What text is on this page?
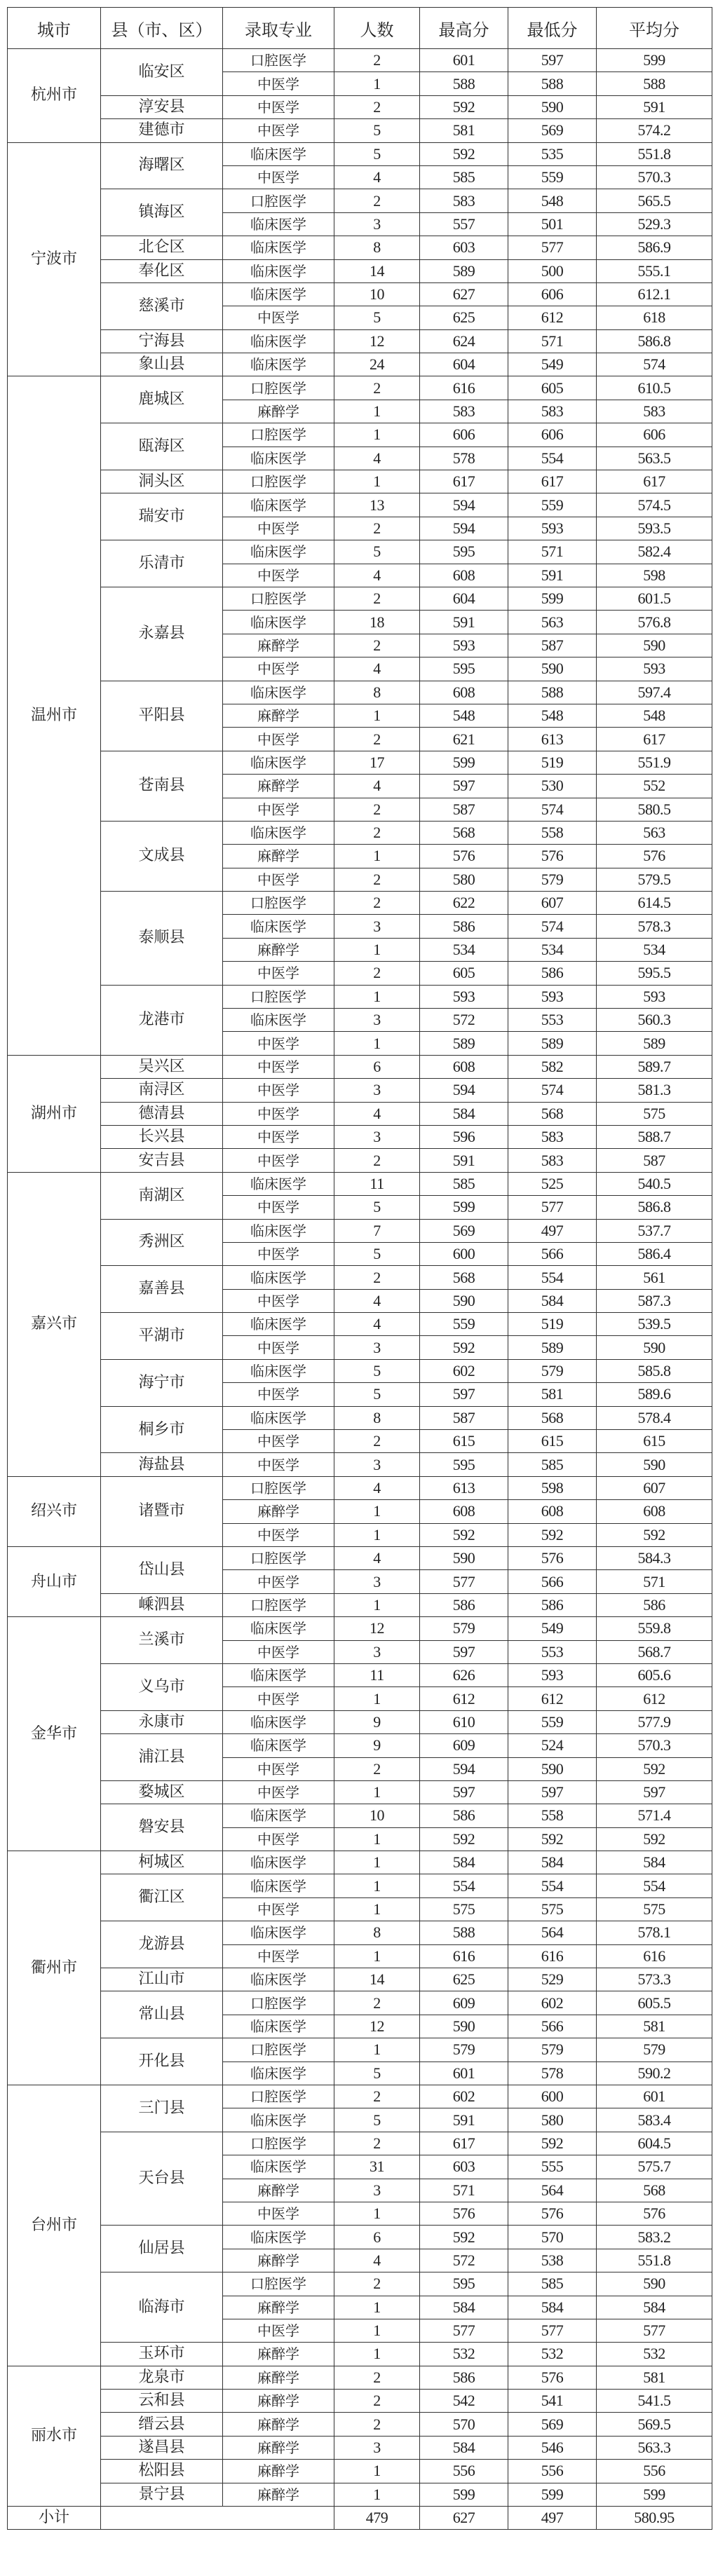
城市	县（市、区）	录取专业	人数	最高分	最低分	平均分
杭州市	临安区	口腔医学	2	601	597	599
		中医学	1	588	588	588
	淳安县	中医学	2	592	590	591
	建德市	中医学	5	581	569	574.2
宁波市	海曙区	临床医学	5	592	535	551.8
		中医学	4	585	559	570.3
	镇海区	口腔医学	2	583	548	565.5
		临床医学	3	557	501	529.3
	北仑区	临床医学	8	603	577	586.9
	奉化区	临床医学	14	589	500	555.1
	慈溪市	临床医学	10	627	606	612.1
		中医学	5	625	612	618
	宁海县	临床医学	12	624	571	586.8
	象山县	临床医学	24	604	549	574
温州市	鹿城区	口腔医学	2	616	605	610.5
		麻醉学	1	583	583	583
	瓯海区	口腔医学	1	606	606	606
		临床医学	4	578	554	563.5
	洞头区	口腔医学	1	617	617	617
	瑞安市	临床医学	13	594	559	574.5
		中医学	2	594	593	593.5
	乐清市	临床医学	5	595	571	582.4
		中医学	4	608	591	598
	永嘉县	口腔医学	2	604	599	601.5
		临床医学	18	591	563	576.8
		麻醉学	2	593	587	590
		中医学	4	595	590	593
	平阳县	临床医学	8	608	588	597.4
		麻醉学	1	548	548	548
		中医学	2	621	613	617
	苍南县	临床医学	17	599	519	551.9
		麻醉学	4	597	530	552
		中医学	2	587	574	580.5
	文成县	临床医学	2	568	558	563
		麻醉学	1	576	576	576
		中医学	2	580	579	579.5
	泰顺县	口腔医学	2	622	607	614.5
		临床医学	3	586	574	578.3
		麻醉学	1	534	534	534
		中医学	2	605	586	595.5
	龙港市	口腔医学	1	593	593	593
		临床医学	3	572	553	560.3
		中医学	1	589	589	589
湖州市	吴兴区	中医学	6	608	582	589.7
	南浔区	中医学	3	594	574	581.3
	德清县	中医学	4	584	568	575
	长兴县	中医学	3	596	583	588.7
	安吉县	中医学	2	591	583	587
嘉兴市	南湖区	临床医学	11	585	525	540.5
		中医学	5	599	577	586.8
	秀洲区	临床医学	7	569	497	537.7
		中医学	5	600	566	586.4
	嘉善县	临床医学	2	568	554	561
		中医学	4	590	584	587.3
	平湖市	临床医学	4	559	519	539.5
		中医学	3	592	589	590
	海宁市	临床医学	5	602	579	585.8
		中医学	5	597	581	589.6
	桐乡市	临床医学	8	587	568	578.4
		中医学	2	615	615	615
	海盐县	中医学	3	595	585	590
绍兴市	诸暨市	口腔医学	4	613	598	607
		麻醉学	1	608	608	608
		中医学	1	592	592	592
舟山市	岱山县	口腔医学	4	590	576	584.3
		中医学	3	577	566	571
	嵊泗县	口腔医学	1	586	586	586
金华市	兰溪市	临床医学	12	579	549	559.8
		中医学	3	597	553	568.7
	义乌市	临床医学	11	626	593	605.6
		中医学	1	612	612	612
	永康市	临床医学	9	610	559	577.9
	浦江县	临床医学	9	609	524	570.3
		中医学	2	594	590	592
	婺城区	中医学	1	597	597	597
	磐安县	临床医学	10	586	558	571.4
		中医学	1	592	592	592
衢州市	柯城区	临床医学	1	584	584	584
	衢江区	临床医学	1	554	554	554
		中医学	1	575	575	575
	龙游县	临床医学	8	588	564	578.1
		中医学	1	616	616	616
	江山市	临床医学	14	625	529	573.3
	常山县	口腔医学	2	609	602	605.5
		临床医学	12	590	566	581
	开化县	口腔医学	1	579	579	579
		临床医学	5	601	578	590.2
台州市	三门县	口腔医学	2	602	600	601
		临床医学	5	591	580	583.4
	天台县	口腔医学	2	617	592	604.5
		临床医学	31	603	555	575.7
		麻醉学	3	571	564	568
		中医学	1	576	576	576
	仙居县	临床医学	6	592	570	583.2
		麻醉学	4	572	538	551.8
	临海市	口腔医学	2	595	585	590
		麻醉学	1	584	584	584
		中医学	1	577	577	577
	玉环市	麻醉学	1	532	532	532
丽水市	龙泉市	麻醉学	2	586	576	581
	云和县	麻醉学	2	542	541	541.5
	缙云县	麻醉学	2	570	569	569.5
	遂昌县	麻醉学	3	584	546	563.3
	松阳县	麻醉学	1	556	556	556
	景宁县	麻醉学	1	599	599	599
小计			479	627	497	580.95
